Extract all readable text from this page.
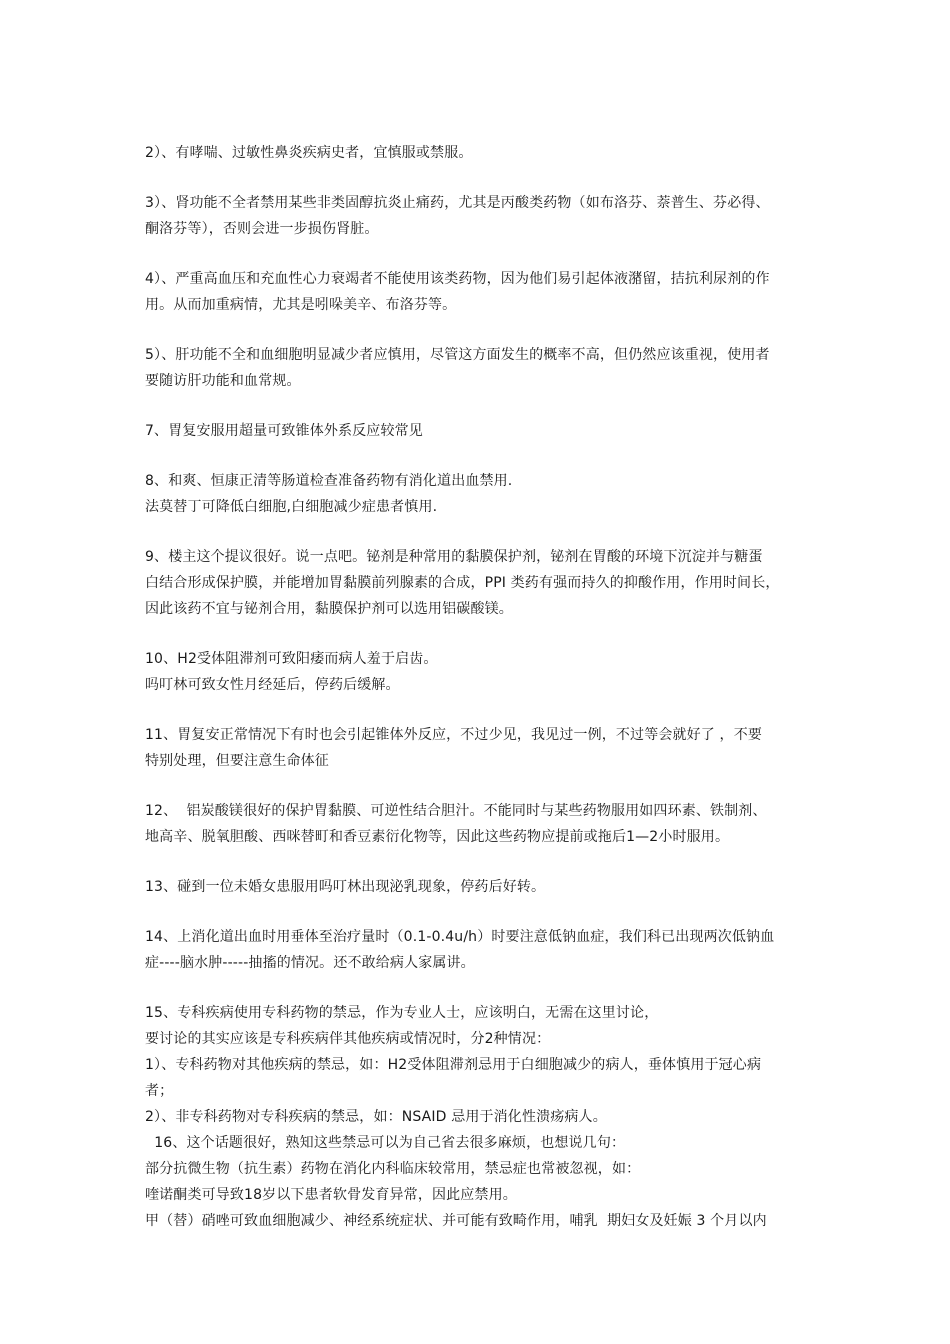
2）、有哮喘、过敏性鼻炎疾病史者，宜慎服或禁服。
3）、肾功能不全者禁用某些非类固醇抗炎止痛药，尤其是丙酸类药物（如布洛芬、萘普生、芬必得、
酮洛芬等），否则会进一步损伤肾脏。
4）、严重高血压和充血性心力衰竭者不能使用该类药物，因为他们易引起体液潴留，拮抗利尿剂的作
用。从而加重病情，尤其是吲哚美辛、布洛芬等。
5）、肝功能不全和血细胞明显减少者应慎用，尽管这方面发生的概率不高，但仍然应该重视，使用者
要随访肝功能和血常规。
7、胃复安服用超量可致锥体外系反应较常见
8、和爽、恒康正清等肠道检查准备药物有消化道出血禁用.
法莫替丁可降低白细胞,白细胞减少症患者慎用.
9、楼主这个提议很好。说一点吧。铋剂是种常用的黏膜保护剂，铋剂在胃酸的环境下沉淀并与糖蛋
白结合形成保护膜，并能增加胃黏膜前列腺素的合成，PPI 类药有强而持久的抑酸作用，作用时间长，
因此该药不宜与铋剂合用，黏膜保护剂可以选用铝碳酸镁。
10、H2受体阻滞剂可致阳痿而病人羞于启齿。
吗叮林可致女性月经延后，停药后缓解。
11、胃复安正常情况下有时也会引起锥体外反应，不过少见，我见过一例，不过等会就好了 ，不要
特别处理，但要注意生命体征
12、  铝炭酸镁很好的保护胃黏膜、可逆性结合胆汁。不能同时与某些药物服用如四环素、铁制剂、
地高辛、脱氧胆酸、西咪替町和香豆素衍化物等，因此这些药物应提前或拖后1—2小时服用。
13、碰到一位未婚女患服用吗叮林出现泌乳现象，停药后好转。
14、上消化道出血时用垂体至治疗量时（0.1-0.4u/h）时要注意低钠血症，我们科已出现两次低钠血
症----脑水肿-----抽搐的情况。还不敢给病人家属讲。
15、专科疾病使用专科药物的禁忌，作为专业人士，应该明白，无需在这里讨论，
要讨论的其实应该是专科疾病伴其他疾病或情况时，分2种情况：
1）、专科药物对其他疾病的禁忌，如：H2受体阻滞剂忌用于白细胞减少的病人，垂体慎用于冠心病
者；
2）、非专科药物对专科疾病的禁忌，如：NSAID 忌用于消化性溃疡病人。
16、这个话题很好，熟知这些禁忌可以为自己省去很多麻烦，也想说几句：
部分抗微生物（抗生素）药物在消化内科临床较常用，禁忌症也常被忽视，如：
喹诺酮类可导致18岁以下患者软骨发育异常，因此应禁用。
甲（替）硝唑可致血细胞减少、神经系统症状、并可能有致畸作用，哺乳  期妇女及妊娠 3 个月以内
